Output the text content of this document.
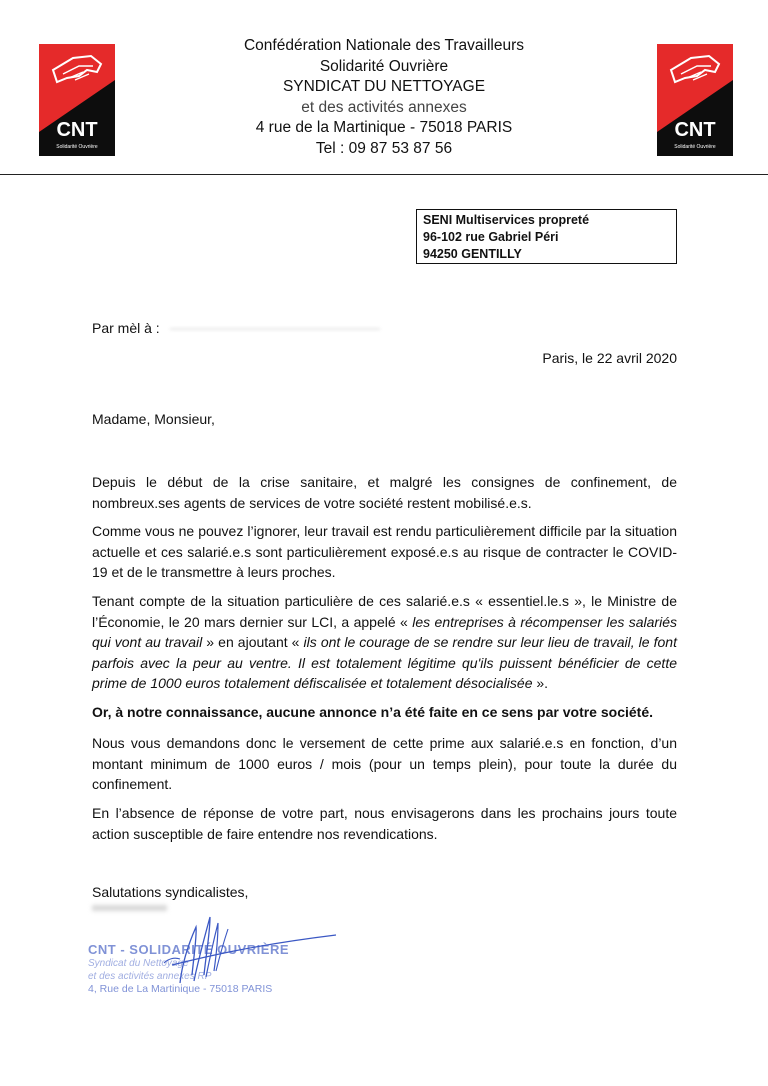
CNT
Solidarité Ouvrière
Confédération Nationale des Travailleurs
Solidarité Ouvrière
SYNDICAT DU NETTOYAGE
et des activités annexes
4 rue de la Martinique - 75018 PARIS
Tel : 09 87 53 87 56
CNT
Solidarité Ouvrière
SENI Multiservices propreté
96-102 rue Gabriel Péri
94250 GENTILLY
Par mèl à :
Paris, le 22 avril 2020
Madame, Monsieur,
Depuis le début de la crise sanitaire, et malgré les consignes de confinement, de nombreux.ses agents de services de votre société restent mobilisé.e.s.
Comme vous ne pouvez l’ignorer, leur travail est rendu particulièrement difficile par la situation actuelle et ces salarié.e.s sont particulièrement exposé.e.s au risque de contracter le COVID-19 et de le transmettre à leurs proches.
Tenant compte de la situation particulière de ces salarié.e.s « essentiel.le.s », le Ministre de l’Économie, le 20 mars dernier sur LCI, a appelé « les entreprises à récompenser les salariés qui vont au travail » en ajoutant « ils ont le courage de se rendre sur leur lieu de travail, le font parfois avec la peur au ventre. Il est totalement légitime qu'ils puissent bénéficier de cette prime de 1000 euros totalement défiscalisée et totalement désocialisée ».
Or, à notre connaissance, aucune annonce n’a été faite en ce sens par votre société.
Nous vous demandons donc le versement de cette prime aux salarié.e.s en fonction, d’un montant minimum de 1000 euros / mois (pour un temps plein), pour toute la durée du confinement.
En l’absence de réponse de votre part, nous envisagerons dans les prochains jours toute action susceptible de faire entendre nos revendications.
Salutations syndicalistes,
CNT - SOLIDARITÉ OUVRIÈRE
Syndicat du Nettoyage
et des activités annexes RP
4, Rue de La Martinique - 75018 PARIS
